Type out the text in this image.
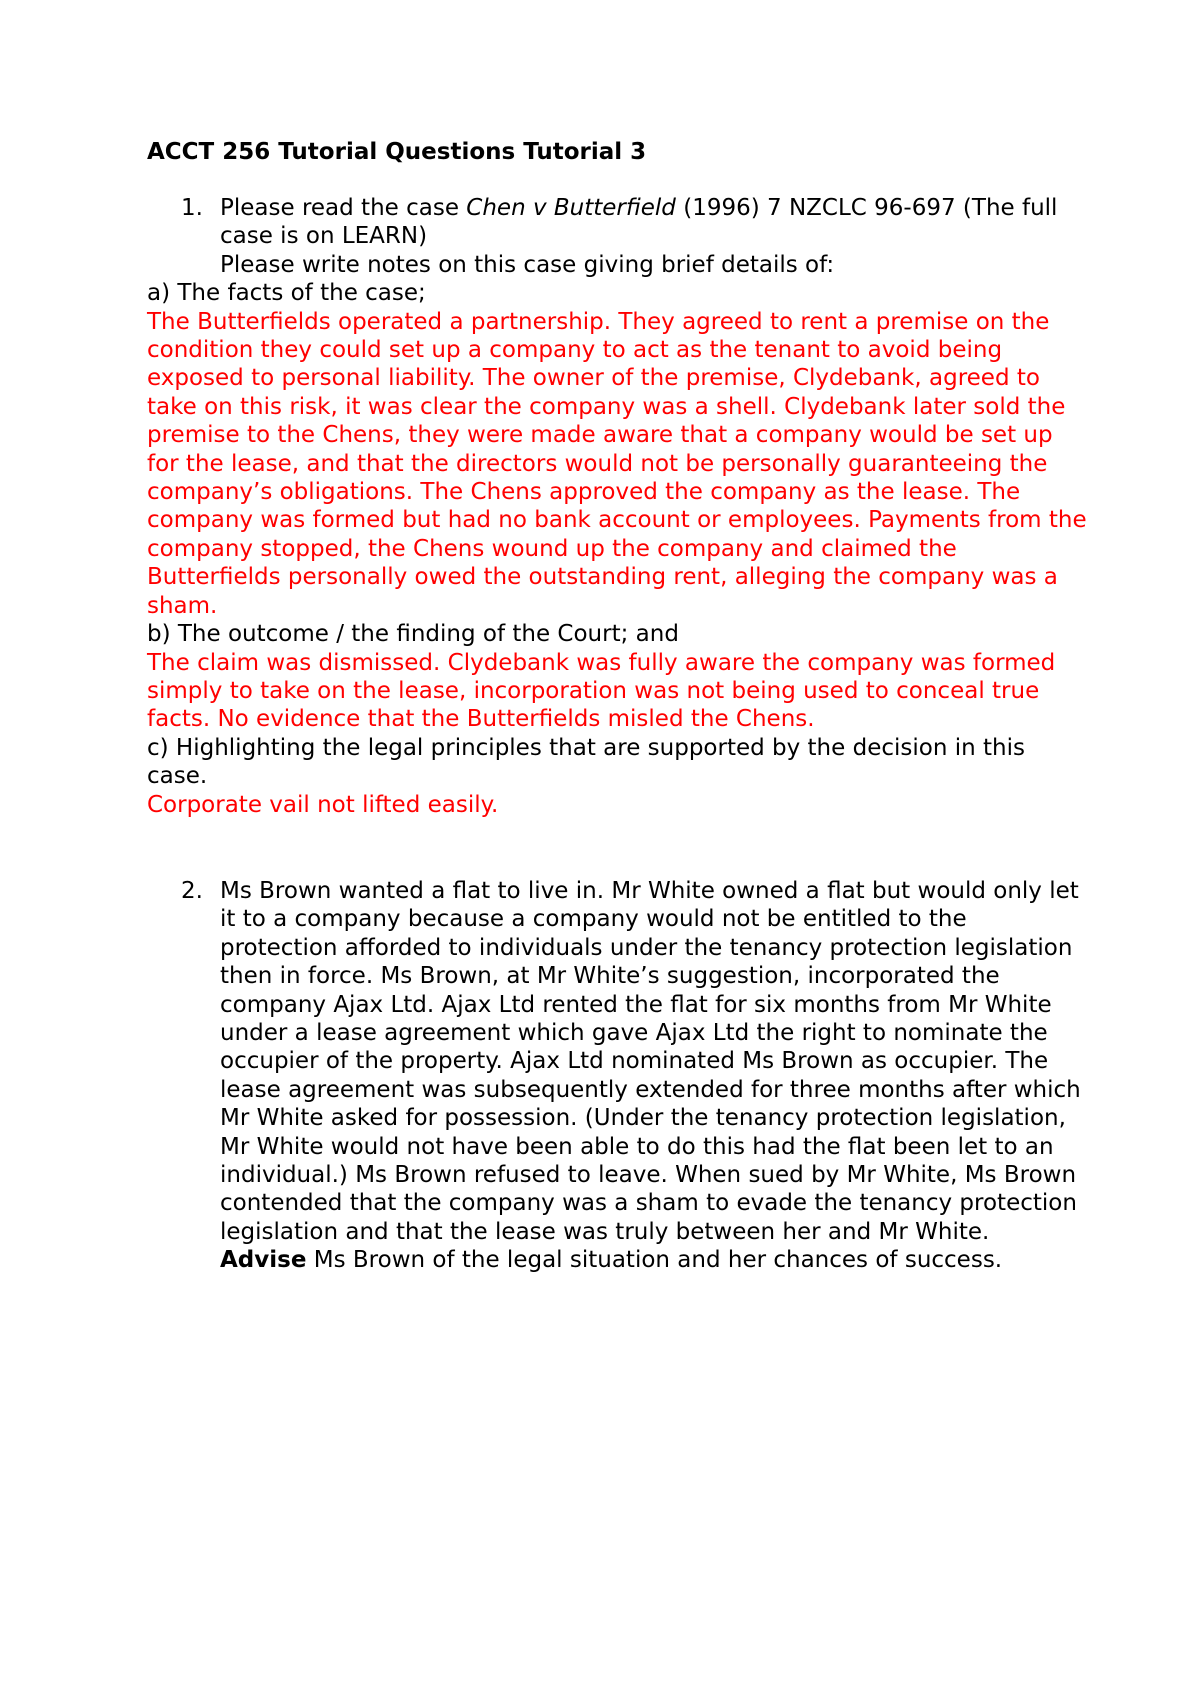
ACCT 256 Tutorial Questions Tutorial 3
1. Please read the case Chen v Butterfield (1996) 7 NZCLC 96-697 (The full case is on LEARN)

Please write notes on this case giving brief details of:

a) The facts of the case;

The Butterfields operated a partnership. They agreed to rent a premise on the condition they could set up a company to act as the tenant to avoid being exposed to personal liability. The owner of the premise, Clydebank, agreed to take on this risk, it was clear the company was a shell. Clydebank later sold the premise to the Chens, they were made aware that a company would be set up for the lease, and that the directors would not be personally guaranteeing the company’s obligations. The Chens approved the company as the lease. The company was formed but had no bank account or employees. Payments from the company stopped, the Chens wound up the company and claimed the Butterfields personally owed the outstanding rent, alleging the company was a sham.

b) The outcome / the finding of the Court; and

The claim was dismissed. Clydebank was fully aware the company was formed simply to take on the lease, incorporation was not being used to conceal true facts. No evidence that the Butterfields misled the Chens.

c) Highlighting the legal principles that are supported by the decision in this case.

Corporate vail not lifted easily.

2. Ms Brown wanted a flat to live in. Mr White owned a flat but would only let it to a company because a company would not be entitled to the protection afforded to individuals under the tenancy protection legislation then in force. Ms Brown, at Mr White’s suggestion, incorporated the company Ajax Ltd. Ajax Ltd rented the flat for six months from Mr White under a lease agreement which gave Ajax Ltd the right to nominate the occupier of the property. Ajax Ltd nominated Ms Brown as occupier. The lease agreement was subsequently extended for three months after which Mr White asked for possession. (Under the tenancy protection legislation, Mr White would not have been able to do this had the flat been let to an individual.) Ms Brown refused to leave. When sued by Mr White, Ms Brown contended that the company was a sham to evade the tenancy protection legislation and that the lease was truly between her and Mr White.

Advise Ms Brown of the legal situation and her chances of success.
